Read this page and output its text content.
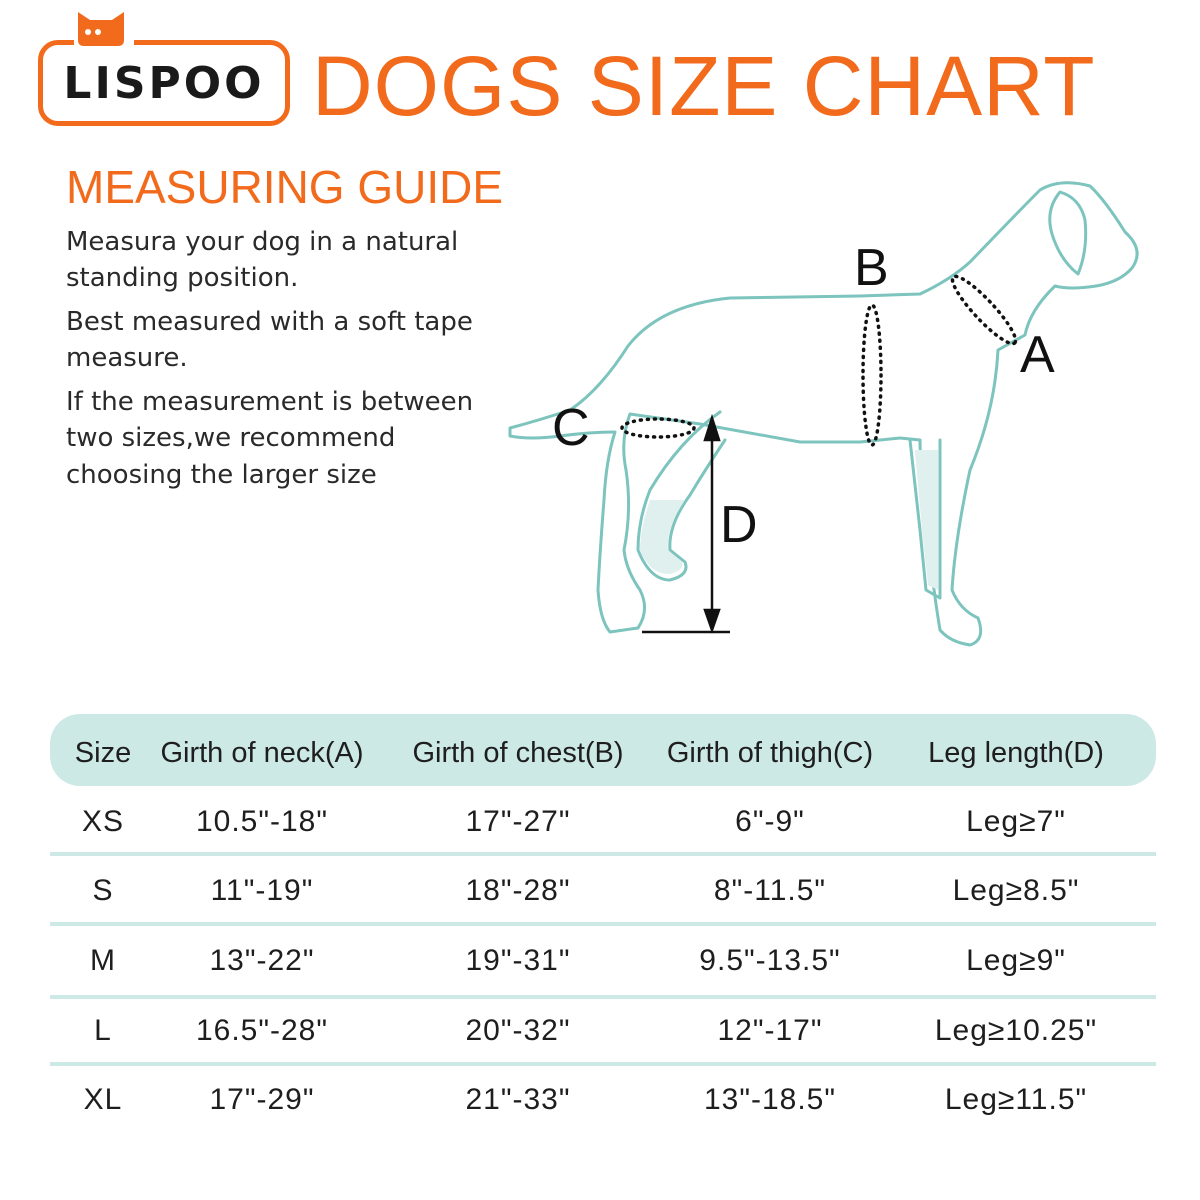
LISPOO DOGS SIZE CHART
MEASURING GUIDE
Measura your dog in a natural
standing position.
Best measured with a soft tape
measure.
If the measurement is between
two sizes,we recommend
choosing the larger size
B
A
C
D
Size	Girth of neck(A)	Girth of chest(B)	Girth of thigh(C)	Leg length(D)
XS	10.5"-18"	17"-27"	6"-9"	Leg≥7"
S	11"-19"	18"-28"	8"-11.5"	Leg≥8.5"
M	13"-22"	19"-31"	9.5"-13.5"	Leg≥9"
L	16.5"-28"	20"-32"	12"-17"	Leg≥10.25"
XL	17"-29"	21"-33"	13"-18.5"	Leg≥11.5"
